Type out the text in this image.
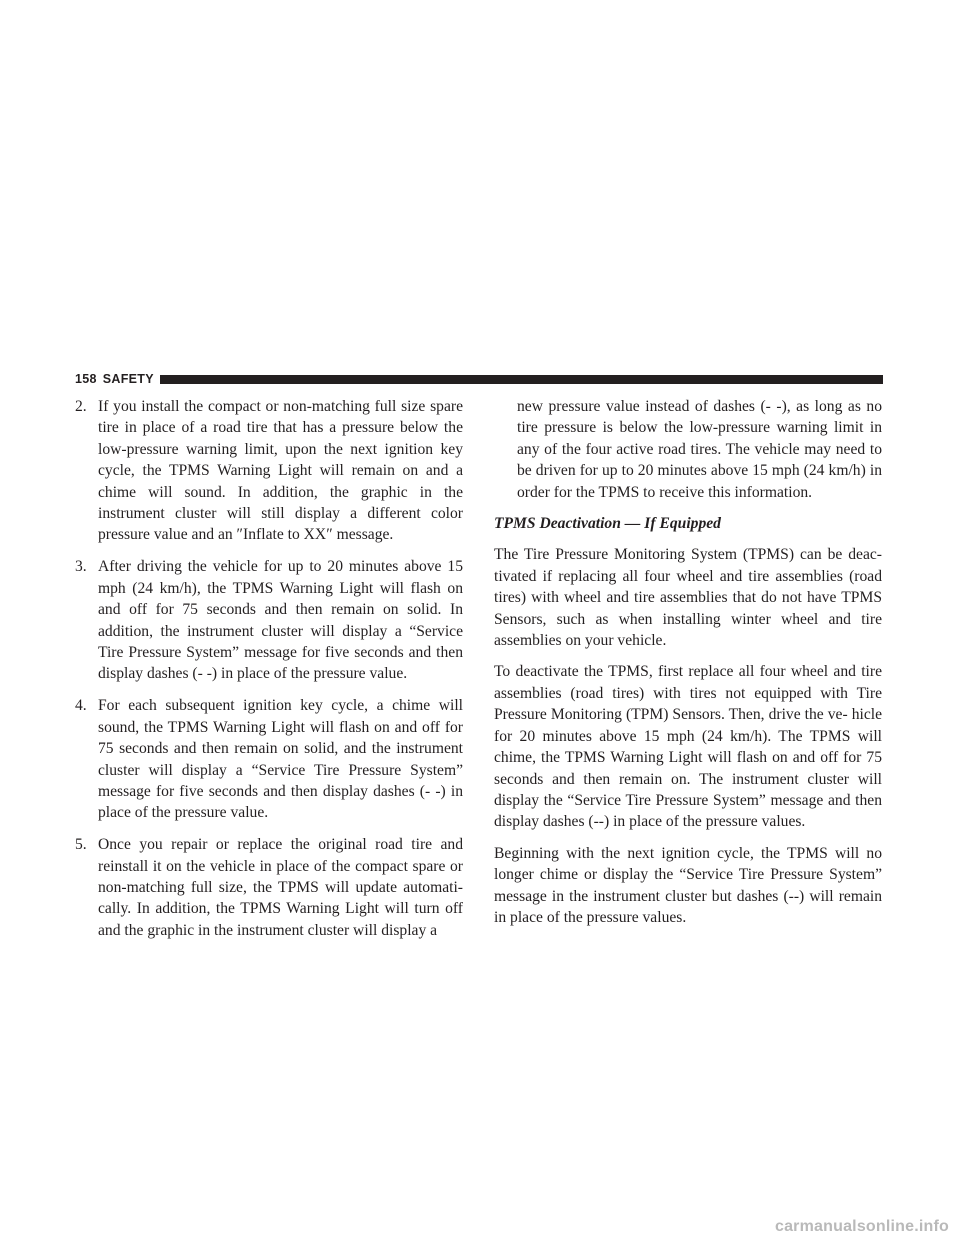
158 SAFETY
2. If you install the compact or non-matching full size spare tire in place of a road tire that has a pressure below the low-pressure warning limit, upon the next ignition key cycle, the TPMS Warning Light will remain on and a chime will sound. In addition, the graphic in the instrument cluster will still display a different color pressure value and an ″Inflate to XX″ message.
3. After driving the vehicle for up to 20 minutes above 15 mph (24 km/h), the TPMS Warning Light will flash on and off for 75 seconds and then remain on solid. In addition, the instrument cluster will display a “Service Tire Pressure System” message for five seconds and then display dashes (- -) in place of the pressure value.
4. For each subsequent ignition key cycle, a chime will sound, the TPMS Warning Light will flash on and off for 75 seconds and then remain on solid, and the instrument cluster will display a “Service Tire Pressure System” message for five seconds and then display dashes (- -) in place of the pressure value.
5. Once you repair or replace the original road tire and reinstall it on the vehicle in place of the compact spare or non-matching full size, the TPMS will update automati- cally. In addition, the TPMS Warning Light will turn off and the graphic in the instrument cluster will display a
new pressure value instead of dashes (- -), as long as no tire pressure is below the low-pressure warning limit in any of the four active road tires. The vehicle may need to be driven for up to 20 minutes above 15 mph (24 km/h) in order for the TPMS to receive this information.
TPMS Deactivation — If Equipped

The Tire Pressure Monitoring System (TPMS) can be deac- tivated if replacing all four wheel and tire assemblies (road tires) with wheel and tire assemblies that do not have TPMS Sensors, such as when installing winter wheel and tire assemblies on your vehicle.

To deactivate the TPMS, first replace all four wheel and tire assemblies (road tires) with tires not equipped with Tire Pressure Monitoring (TPM) Sensors. Then, drive the ve- hicle for 20 minutes above 15 mph (24 km/h). The TPMS will chime, the TPMS Warning Light will flash on and off for 75 seconds and then remain on. The instrument cluster will display the “Service Tire Pressure System” message and then display dashes (--) in place of the pressure values.

Beginning with the next ignition cycle, the TPMS will no longer chime or display the “Service Tire Pressure System” message in the instrument cluster but dashes (--) will remain in place of the pressure values.

carmanualsonline.info
